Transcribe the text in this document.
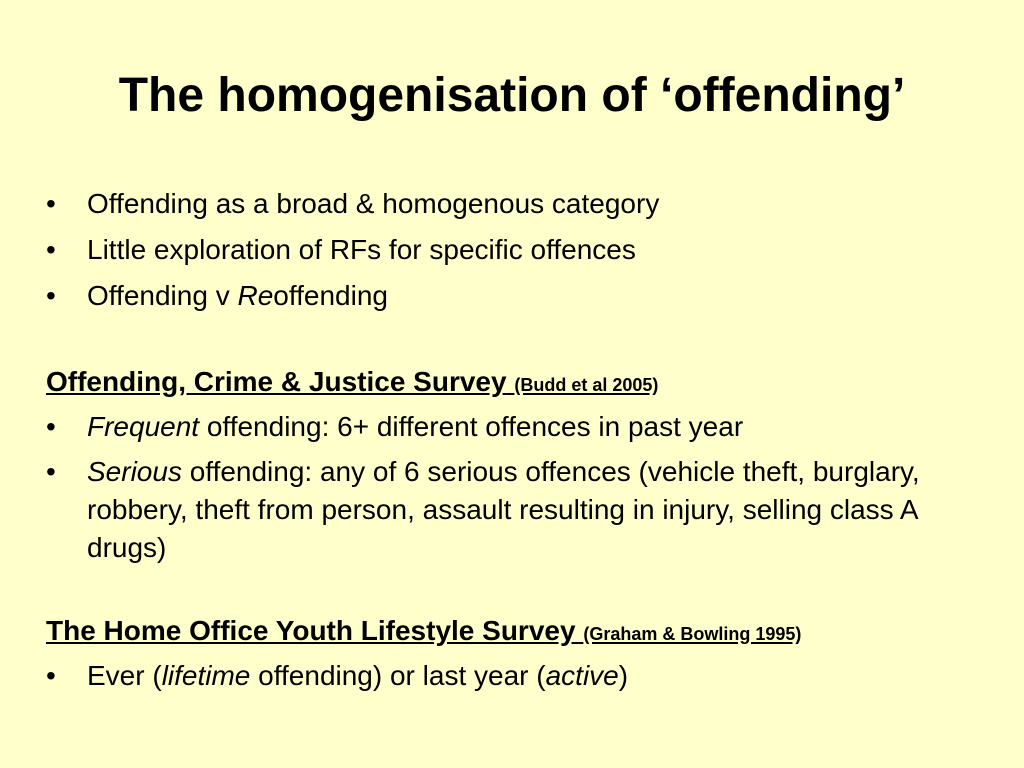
The homogenisation of ‘offending’
• Offending as a broad & homogenous category
• Little exploration of RFs for specific offences
• Offending v Reoffending
Offending, Crime & Justice Survey (Budd et al 2005)
• Frequent offending: 6+ different offences in past year
• Serious offending: any of 6 serious offences (vehicle theft, burglary, robbery, theft from person, assault resulting in injury, selling class A drugs)
The Home Office Youth Lifestyle Survey (Graham & Bowling 1995)
• Ever (lifetime offending) or last year (active)
